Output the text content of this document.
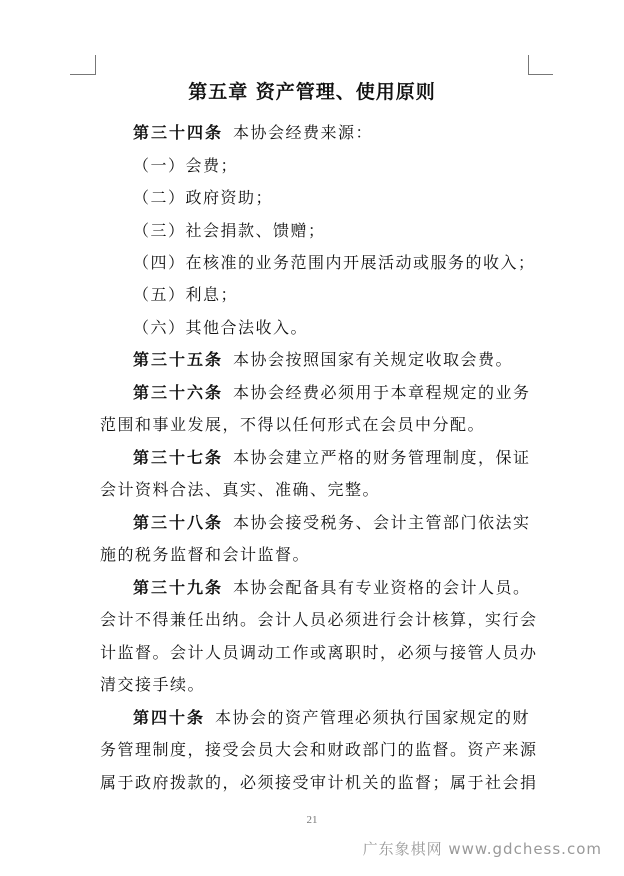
第五章 资产管理、使用原则
第三十四条 本协会经费来源：
（一）会费；
（二）政府资助；
（三）社会捐款、馈赠；
（四）在核准的业务范围内开展活动或服务的收入；
（五）利息；
（六）其他合法收入。
第三十五条 本协会按照国家有关规定收取会费。
第三十六条 本协会经费必须用于本章程规定的业务
范围和事业发展，不得以任何形式在会员中分配。
第三十七条 本协会建立严格的财务管理制度，保证
会计资料合法、真实、准确、完整。
第三十八条 本协会接受税务、会计主管部门依法实
施的税务监督和会计监督。
第三十九条 本协会配备具有专业资格的会计人员。
会计不得兼任出纳。会计人员必须进行会计核算，实行会
计监督。会计人员调动工作或离职时，必须与接管人员办
清交接手续。
第四十条 本协会的资产管理必须执行国家规定的财
务管理制度，接受会员大会和财政部门的监督。资产来源
属于政府拨款的，必须接受审计机关的监督；属于社会捐
21
广东象棋网 www.gdchess.com
